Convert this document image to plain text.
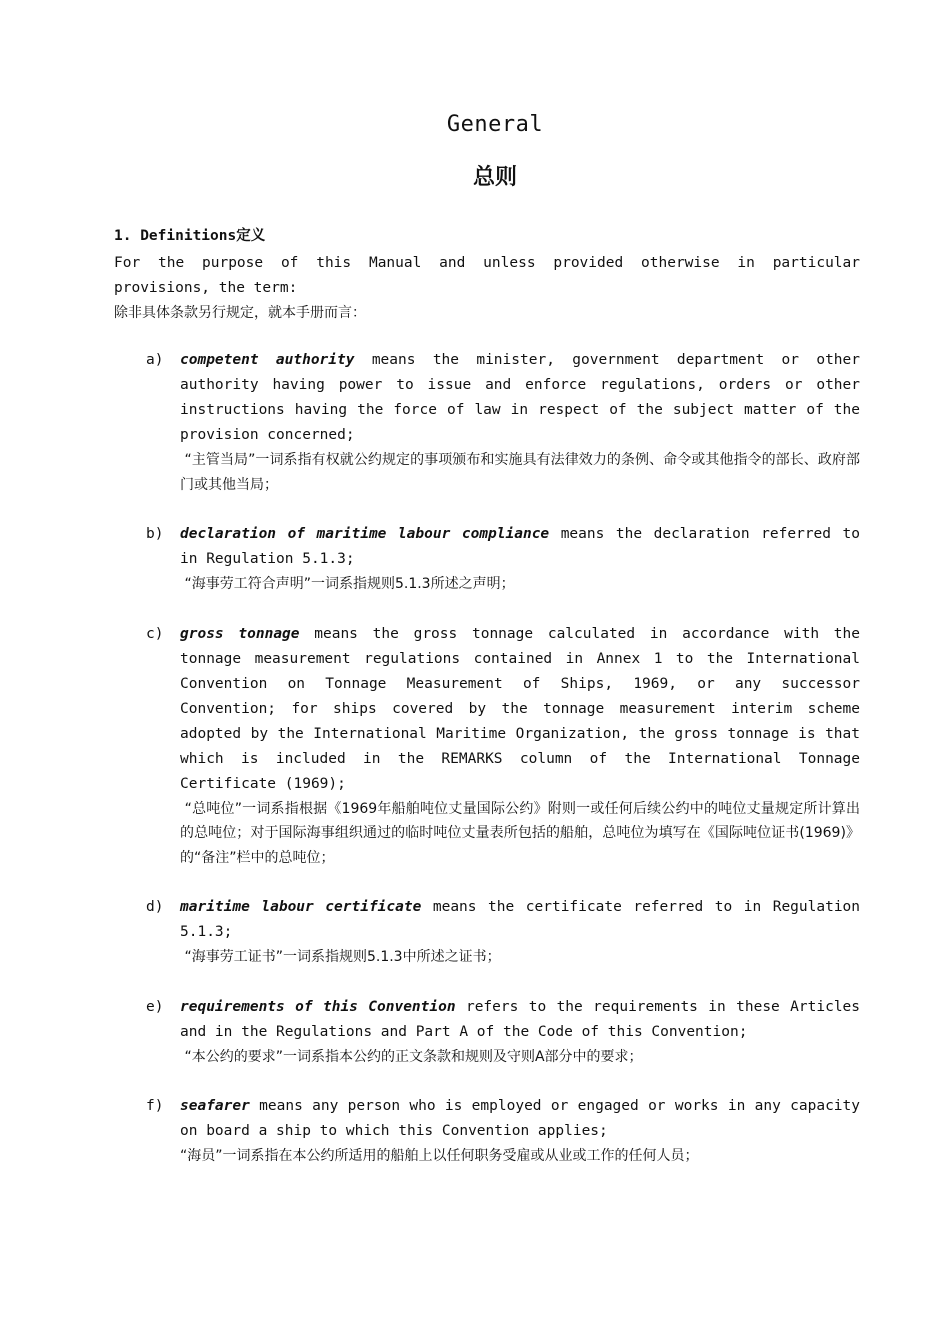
General
总则

1. Definitions定义

For the purpose of this Manual and unless provided otherwise in particular provisions, the term:

除非具体条款另行规定，就本手册而言：

a)	competent authority means the minister, government department or other authority having power to issue and enforce regulations, orders or other instructions having the force of law in respect of the subject matter of the provision concerned;

“主管当局”一词系指有权就公约规定的事项颁布和实施具有法律效力的条例、命令或其他指令的部长、政府部门或其他当局；

b)	declaration of maritime labour compliance means the declaration referred to in Regulation 5.1.3;

“海事劳工符合声明”一词系指规则5.1.3所述之声明；

c)	gross tonnage means the gross tonnage calculated in accordance with the tonnage measurement regulations contained in Annex 1 to the International Convention on Tonnage Measurement of Ships, 1969, or any successor Convention; for ships covered by the tonnage measurement interim scheme adopted by the International Maritime Organization, the gross tonnage is that which is included in the REMARKS column of the International Tonnage Certificate (1969);

“总吨位”一词系指根据《1969年船舶吨位丈量国际公约》附则一或任何后续公约中的吨位丈量规定所计算出的总吨位；对于国际海事组织通过的临时吨位丈量表所包括的船舶，总吨位为填写在《国际吨位证书(1969)》的“备注”栏中的总吨位；

d)	maritime labour certificate means the certificate referred to in Regulation 5.1.3;

“海事劳工证书”一词系指规则5.1.3中所述之证书；

e)	requirements of this Convention refers to the requirements in these Articles and in the Regulations and Part A of the Code of this Convention;

“本公约的要求”一词系指本公约的正文条款和规则及守则A部分中的要求；

f)	seafarer means any person who is employed or engaged or works in any capacity on board a ship to which this Convention applies;

“海员”一词系指在本公约所适用的船舶上以任何职务受雇或从业或工作的任何人员；
